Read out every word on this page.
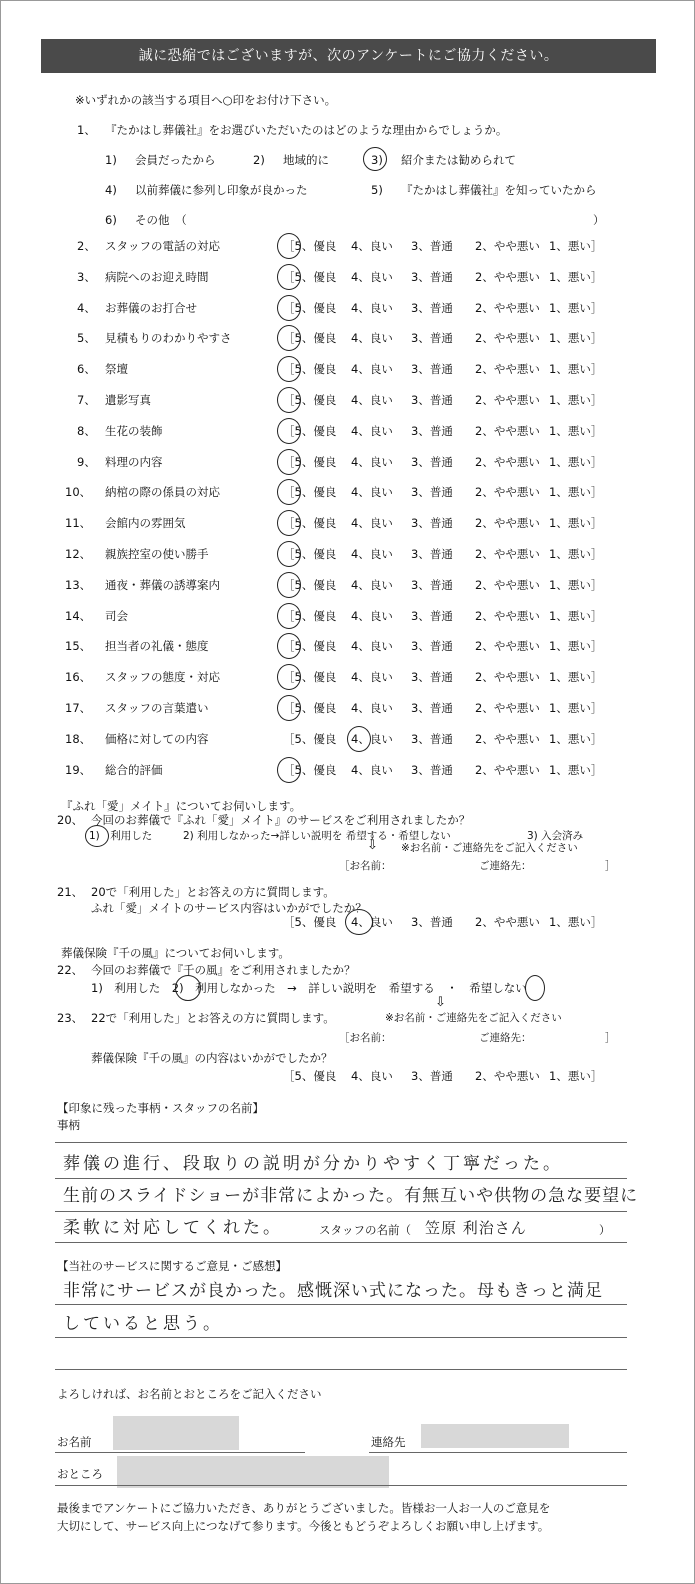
誠に恐縮ではございますが、次のアンケートにご協力ください。
※いずれかの該当する項目へ○印をお付け下さい。
1、 『たかはし葬儀社』をお選びいただいたのはどのような理由からでしょうか。
1) 会員だったから	2) 地域的に	3) 紹介または勧められて
4) 以前葬儀に参列し印象が良かった	5) 『たかはし葬儀社』を知っていたから
6) その他　（	）
2、 スタッフの電話の対応	［5、優良 4、良い 3、普通 2、やや悪い 1、悪い］
3、 病院へのお迎え時間	［5、優良 4、良い 3、普通 2、やや悪い 1、悪い］
4、 お葬儀のお打合せ	［5、優良 4、良い 3、普通 2、やや悪い 1、悪い］
5、 見積もりのわかりやすさ	［5、優良 4、良い 3、普通 2、やや悪い 1、悪い］
6、 祭壇	［5、優良 4、良い 3、普通 2、やや悪い 1、悪い］
7、 遺影写真	［5、優良 4、良い 3、普通 2、やや悪い 1、悪い］
8、 生花の装飾	［5、優良 4、良い 3、普通 2、やや悪い 1、悪い］
9、 料理の内容	［5、優良 4、良い 3、普通 2、やや悪い 1、悪い］
10、 納棺の際の係員の対応	［5、優良 4、良い 3、普通 2、やや悪い 1、悪い］
11、 会館内の雰囲気	［5、優良 4、良い 3、普通 2、やや悪い 1、悪い］
12、 親族控室の使い勝手	［5、優良 4、良い 3、普通 2、やや悪い 1、悪い］
13、 通夜・葬儀の誘導案内	［5、優良 4、良い 3、普通 2、やや悪い 1、悪い］
14、 司会	［5、優良 4、良い 3、普通 2、やや悪い 1、悪い］
15、 担当者の礼儀・態度	［5、優良 4、良い 3、普通 2、やや悪い 1、悪い］
16、 スタッフの態度・対応	［5、優良 4、良い 3、普通 2、やや悪い 1、悪い］
17、 スタッフの言葉遣い	［5、優良 4、良い 3、普通 2、やや悪い 1、悪い］
18、 価格に対しての内容	［5、優良 4、良い 3、普通 2、やや悪い 1、悪い］
19、 総合的評価	［5、優良 4、良い 3、普通 2、やや悪い 1、悪い］
『ふれ「愛」メイト』についてお伺いします。
20、 今回のお葬儀で『ふれ「愛」メイト』のサービスをご利用されましたか？
1)　利用した	2) 利用しなかった→詳しい説明を 希望する・希望しない	3) 入会済み
⇩ ※お名前・ご連絡先をご記入ください
［お名前：	ご連絡先：	］
21、 20で「利用した」とお答えの方に質問します。
ふれ「愛」メイトのサービス内容はいかがでしたか？
［5、優良 4、良い 3、普通 2、やや悪い 1、悪い］
葬儀保険『千の風』についてお伺いします。
22、 今回のお葬儀で『千の風』をご利用されましたか？
1)　利用した　2)　利用しなかった　→　詳しい説明を　希望する　・　希望しない
⇩
23、 22で「利用した」とお答えの方に質問します。	※お名前・ご連絡先をご記入ください
［お名前：	ご連絡先：	］
葬儀保険『千の風』の内容はいかがでしたか？
［5、優良 4、良い 3、普通 2、やや悪い 1、悪い］
【印象に残った事柄・スタッフの名前】
事柄
葬儀の進行、段取りの説明が分かりやすく丁寧だった。
生前のスライドショーが非常によかった。有無互いや供物の急な要望に
柔軟に対応してくれた。	スタッフの名前（ 笠原 利治さん	）
【当社のサービスに関するご意見・ご感想】
非常にサービスが良かった。感慨深い式になった。母もきっと満足
していると思う。
よろしければ、お名前とおところをご記入ください
お名前	連絡先
おところ
最後までアンケートにご協力いただき、ありがとうございました。皆様お一人お一人のご意見を
大切にして、サービス向上につなげて参ります。今後ともどうぞよろしくお願い申し上げます。
